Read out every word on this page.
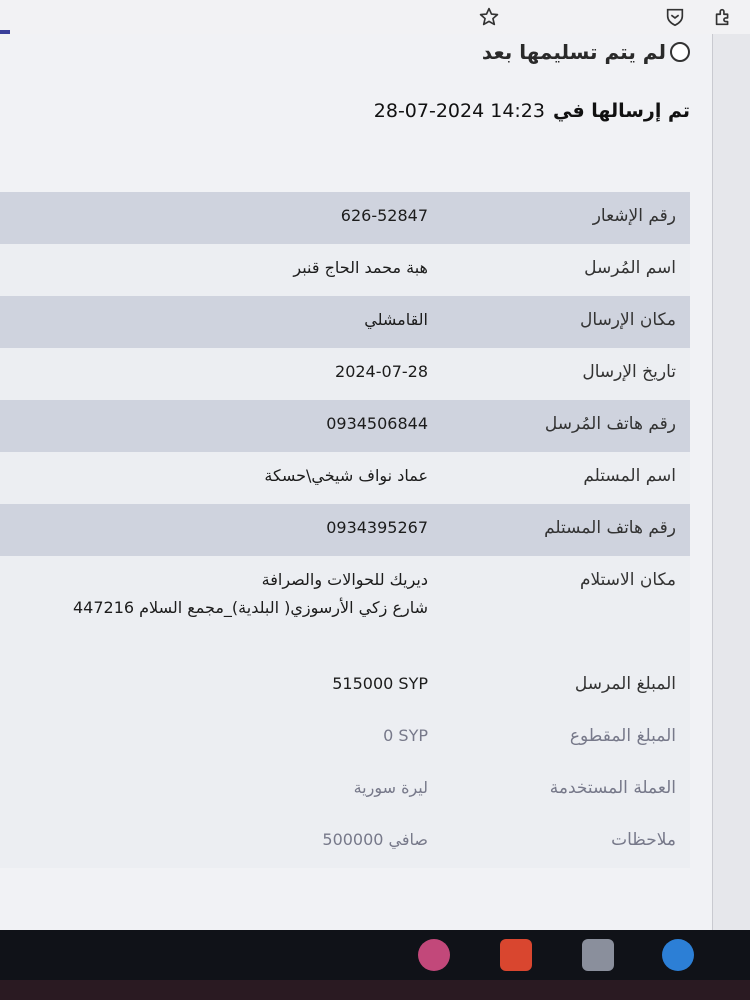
لم يتم تسليمها بعد
تم إرسالها في28-07-2024 14:23
رقم الإشعار
626-52847
اسم المُرسل
هبة محمد الحاج قنبر
مكان الإرسال
القامشلي
تاريخ الإرسال
2024-07-28
رقم هاتف المُرسل
0934506844
اسم المستلم
عماد نواف شيخي\حسكة
رقم هاتف المستلم
0934395267
مكان الاستلام
ديريك للحوالات والصرافة
شارع زكي الأرسوزي( البلدية)_مجمع السلام 447216
المبلغ المرسل
515000 SYP
المبلغ المقطوع
0 SYP
العملة المستخدمة
ليرة سورية
ملاحظات
صافي 500000
